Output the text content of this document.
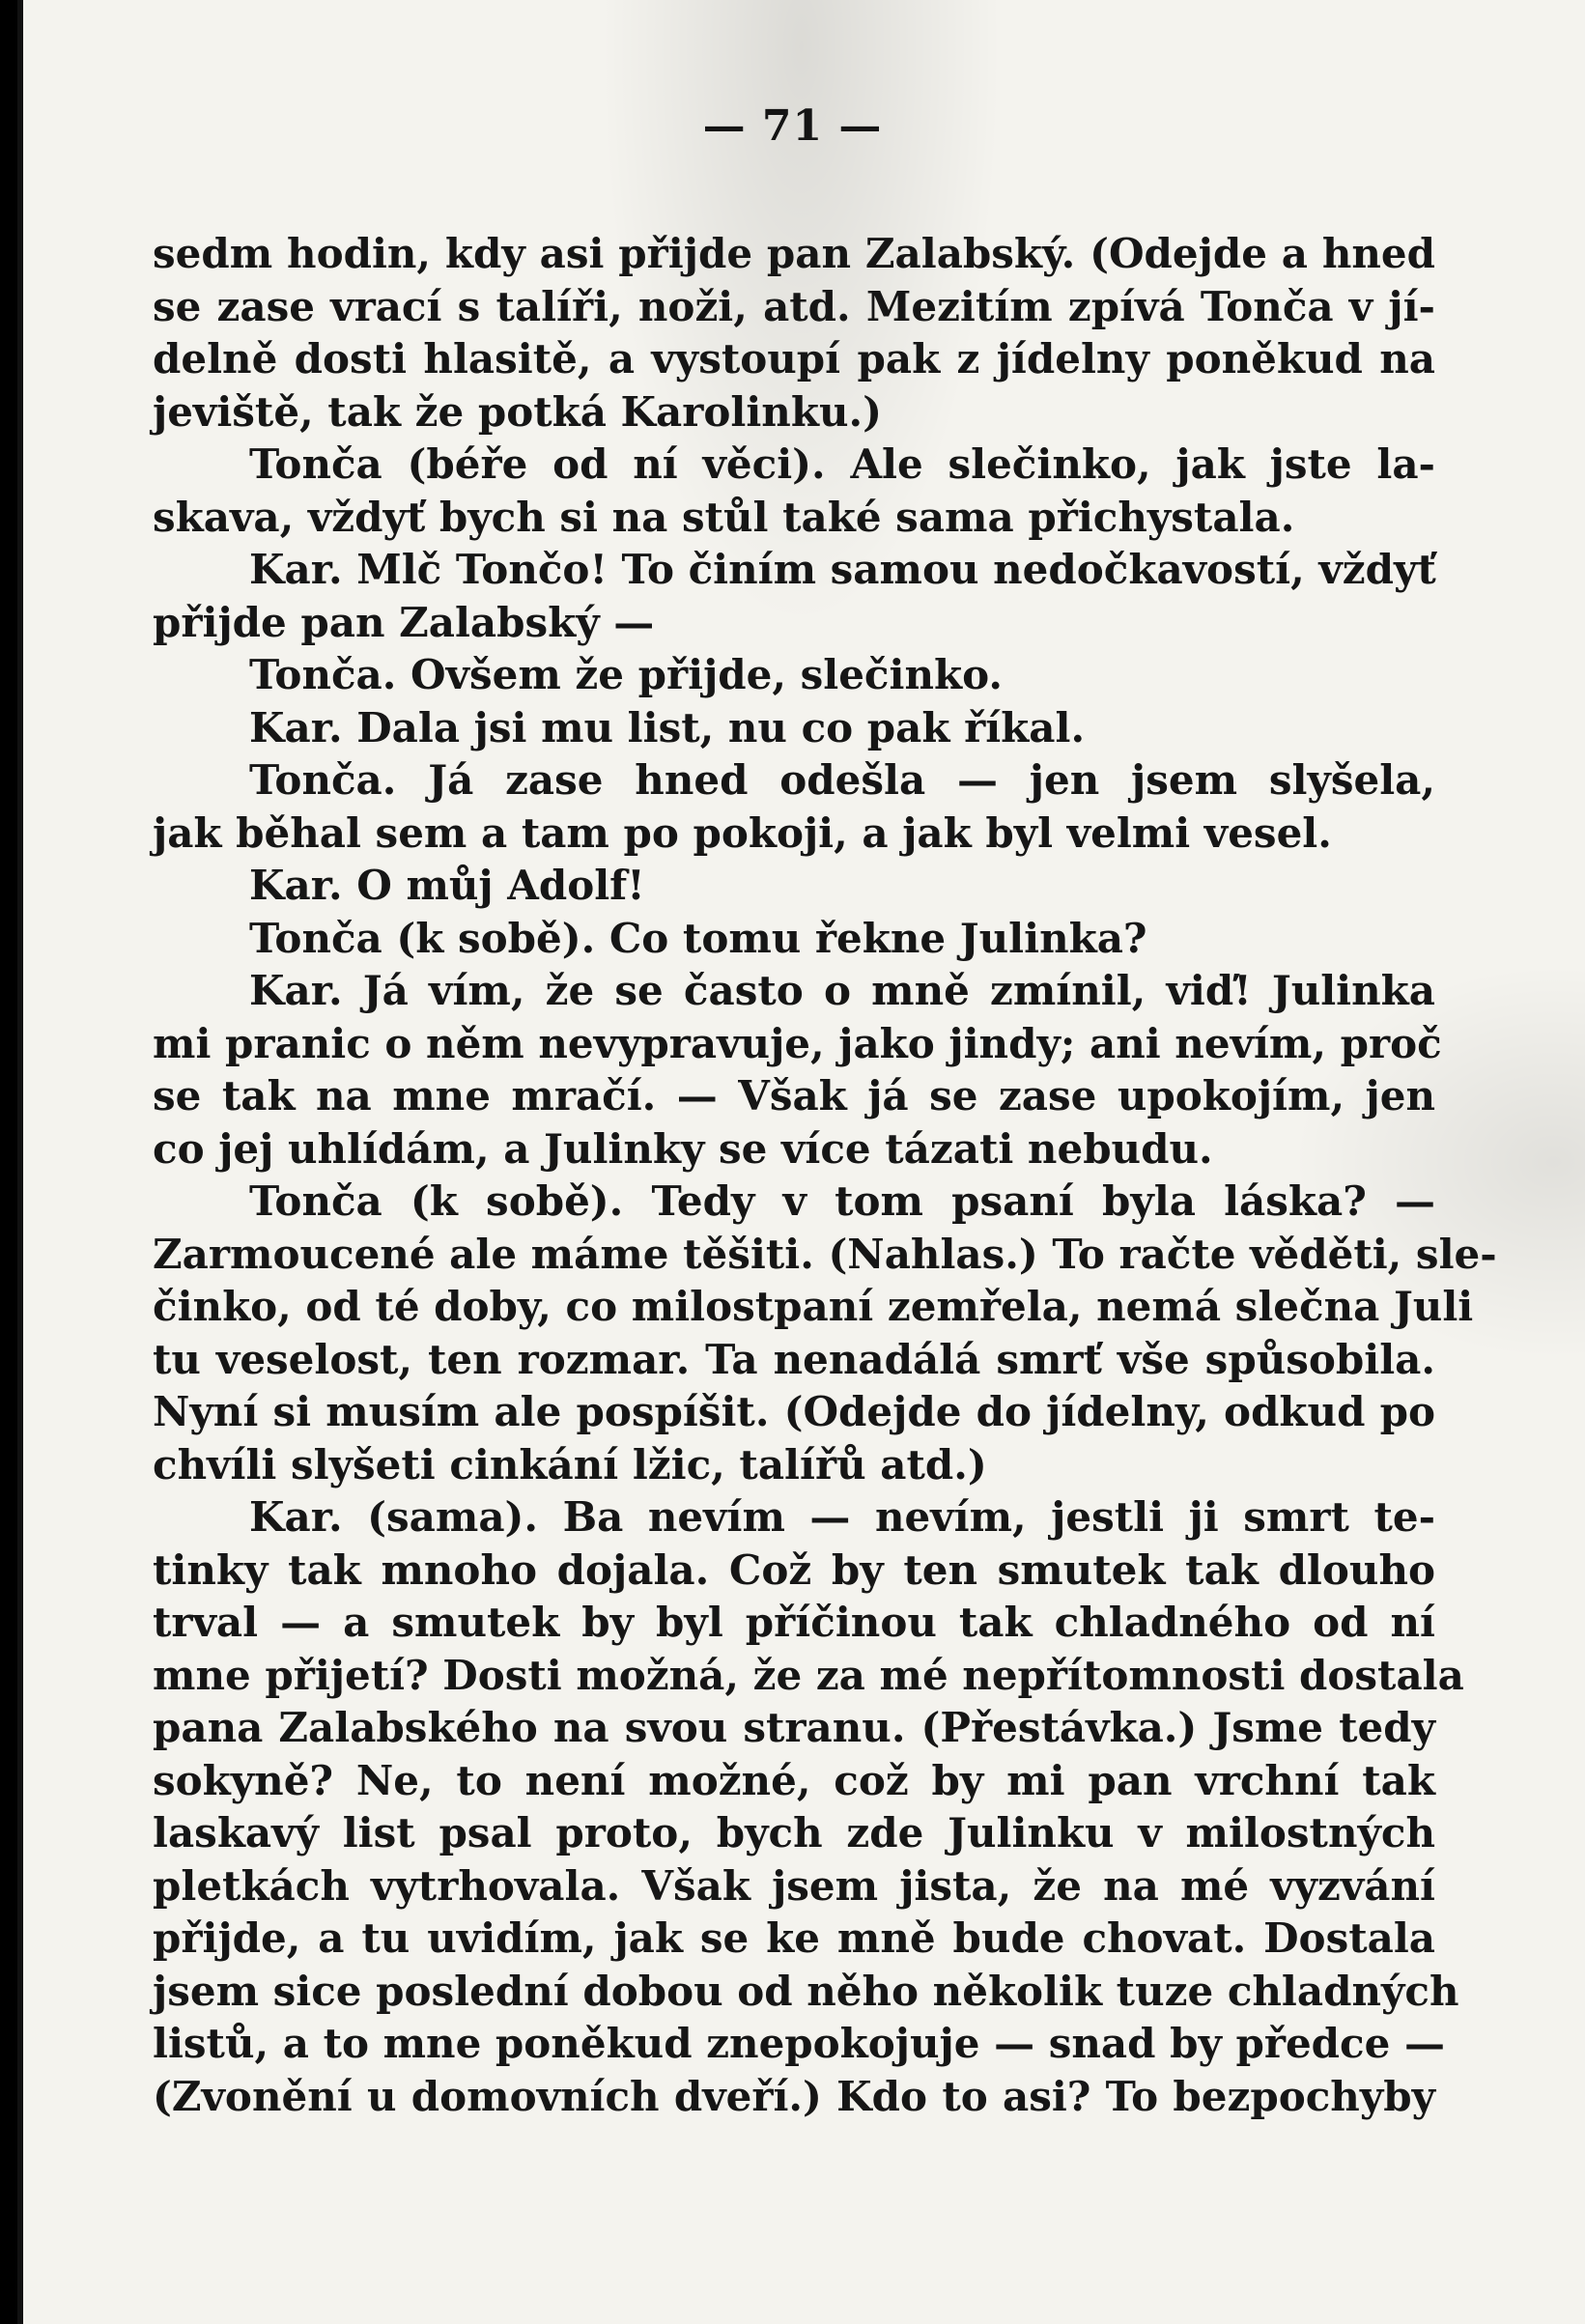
— 71 —
sedm hodin, kdy asi přijde pan Zalabský. (Odejde a hned
se zase vrací s talíři, noži, atd. Mezitím zpívá Tonča v jí-
delně dosti hlasitě, a vystoupí pak z jídelny poněkud na
jeviště, tak že potká Karolinku.)
Tonča (béře od ní věci). Ale slečinko, jak jste la-
skava, vždyť bych si na stůl také sama přichystala.
Kar. Mlč Tončo! To činím samou nedočkavostí, vždyť
přijde pan Zalabský —
Tonča. Ovšem že přijde, slečinko.
Kar. Dala jsi mu list, nu co pak říkal.
Tonča. Já zase hned odešla — jen jsem slyšela,
jak běhal sem a tam po pokoji, a jak byl velmi vesel.
Kar. O můj Adolf!
Tonča (k sobě). Co tomu řekne Julinka?
Kar. Já vím, že se často o mně zmínil, viď! Julinka
mi pranic o něm nevypravuje, jako jindy; ani nevím, proč
se tak na mne mračí. — Však já se zase upokojím, jen
co jej uhlídám, a Julinky se více tázati nebudu.
Tonča (k sobě). Tedy v tom psaní byla láska? —
Zarmoucené ale máme těšiti. (Nahlas.) To račte věděti, sle-
činko, od té doby, co milostpaní zemřela, nemá slečna Juli
tu veselost, ten rozmar. Ta nenadálá smrť vše spůsobila.
Nyní si musím ale pospíšit. (Odejde do jídelny, odkud po
chvíli slyšeti cinkání lžic, talířů atd.)
Kar. (sama). Ba nevím — nevím, jestli ji smrt te-
tinky tak mnoho dojala. Což by ten smutek tak dlouho
trval — a smutek by byl příčinou tak chladného od ní
mne přijetí? Dosti možná, že za mé nepřítomnosti dostala
pana Zalabského na svou stranu. (Přestávka.) Jsme tedy
sokyně? Ne, to není možné, což by mi pan vrchní tak
laskavý list psal proto, bych zde Julinku v milostných
pletkách vytrhovala. Však jsem jista, že na mé vyzvání
přijde, a tu uvidím, jak se ke mně bude chovat. Dostala
jsem sice poslední dobou od něho několik tuze chladných
listů, a to mne poněkud znepokojuje — snad by předce —
(Zvonění u domovních dveří.) Kdo to asi? To bezpochyby
